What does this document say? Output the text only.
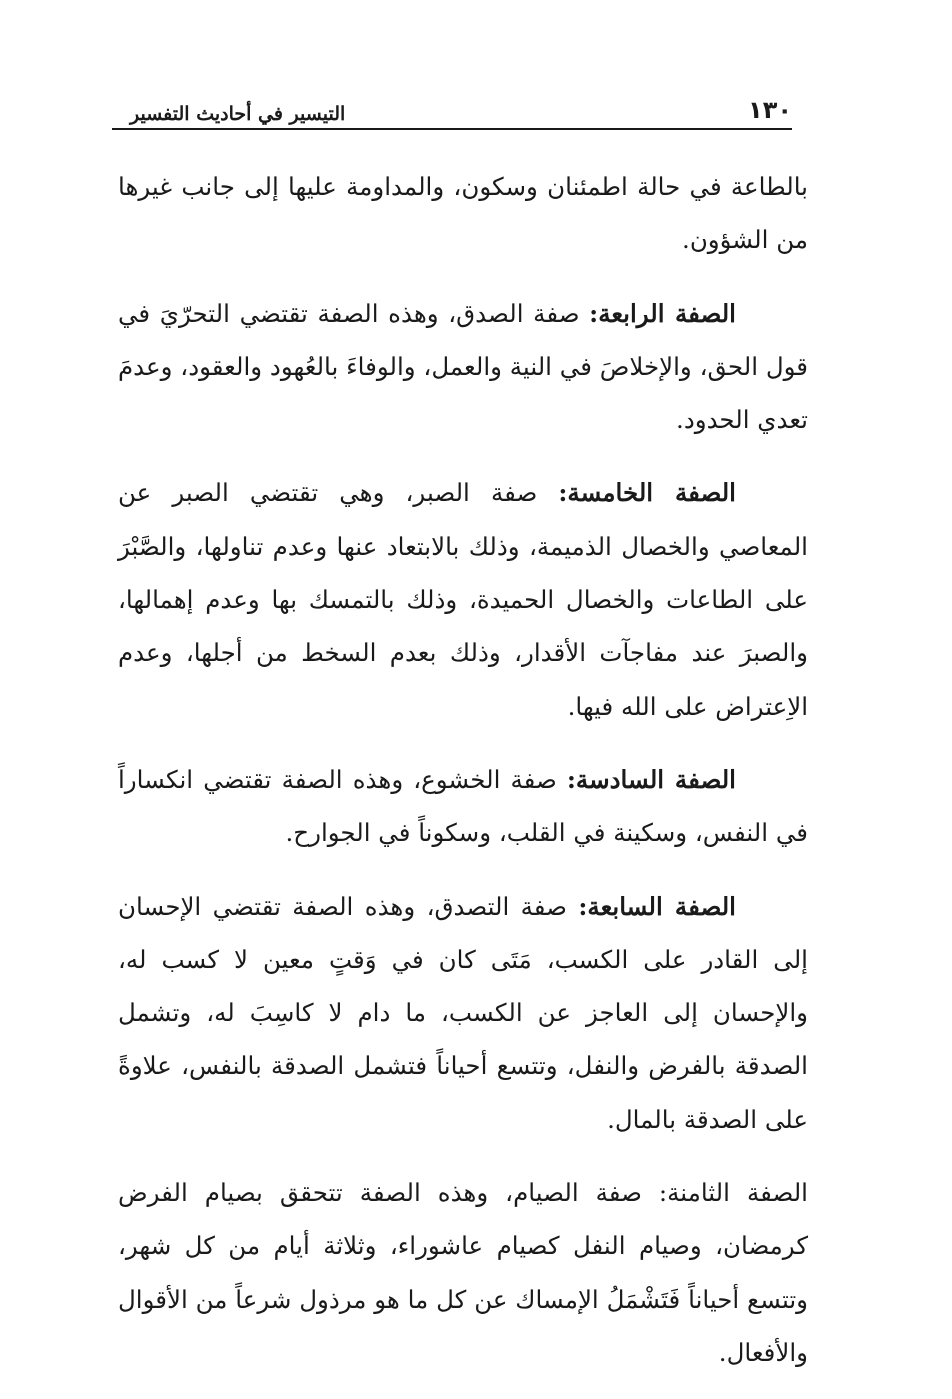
١٣٠
التيسير في أحاديث التفسير

بالطاعة في حالة اطمئنان وسكون، والمداومة عليها إلى جانب غيرها من الشؤون.

الصفة الرابعة: صفة الصدق، وهذه الصفة تقتضي التحرّيَ في قول الحق، والإخلاصَ في النية والعمل، والوفاءَ بالعُهود والعقود، وعدمَ تعدي الحدود.

الصفة الخامسة: صفة الصبر، وهي تقتضي الصبر عن المعاصي والخصال الذميمة، وذلك بالابتعاد عنها وعدم تناولها، والصَّبْرَ على الطاعات والخصال الحميدة، وذلك بالتمسك بها وعدم إهمالها، والصبرَ عند مفاجآت الأقدار، وذلك بعدم السخط من أجلها، وعدم الاِعتراض على الله فيها.

الصفة السادسة: صفة الخشوع، وهذه الصفة تقتضي انكساراً في النفس، وسكينة في القلب، وسكوناً في الجوارح.

الصفة السابعة: صفة التصدق، وهذه الصفة تقتضي الإحسان إلى القادر على الكسب، مَتَى كان في وَقتٍ معين لا كسب له، والإحسان إلى العاجز عن الكسب، ما دام لا كاسِبَ له، وتشمل الصدقة بالفرض والنفل، وتتسع أحياناً فتشمل الصدقة بالنفس، علاوةً على الصدقة بالمال.

الصفة الثامنة: صفة الصيام، وهذه الصفة تتحقق بصيام الفرض كرمضان، وصيام النفل كصيام عاشوراء، وثلاثة أيام من كل شهر، وتتسع أحياناً فَتَشْمَلُ الإمساك عن كل ما هو مرذول شرعاً من الأقوال والأفعال.
